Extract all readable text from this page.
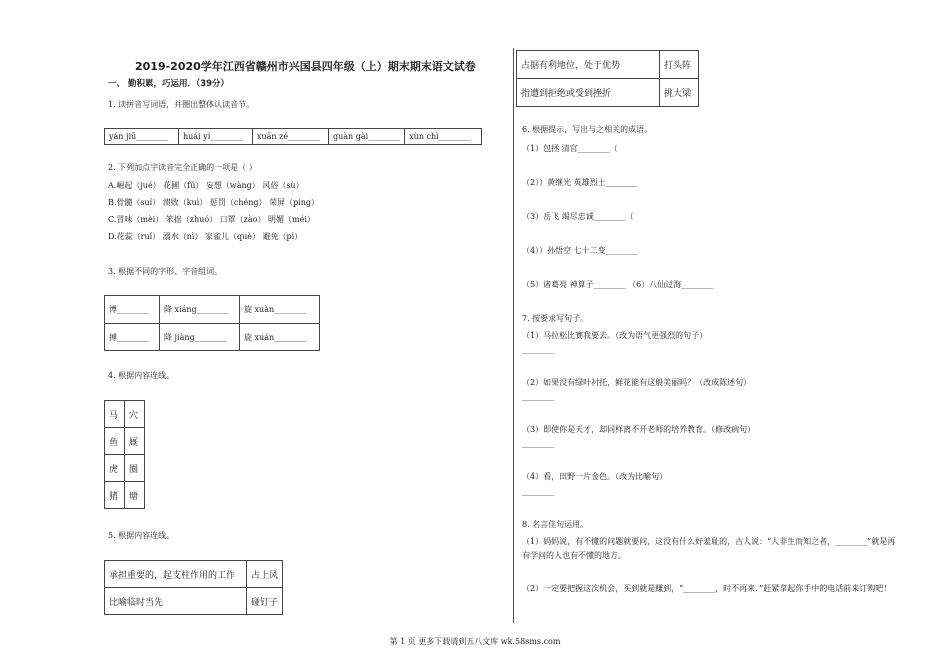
2019-2020学年江西省赣州市兴国县四年级（上）期末期末语文试卷
一、 勤积累，巧运用．（39分）
1. 读拼音写词语，并圈出整体认读音节。
yán jiū________	huái yí________	xuān zé________	guàn gài________	xùn chì________
2. 下列加点字读音完全正确的一项是（ ）
A.崛起（jué） 花圃（fǔ） 妄想（wàng） 风俗（sù）
B.骨髓（suí） 溃败（kuì） 惩罚（chéng） 荣屏（píng）
C.冒味（mèi） 笨拙（zhuó） 口罩（zào） 明媚（méi）
D.花蕊（ruǐ） 溺水（nì） 家雀儿（què） 避免（pì）
3. 根据不同的字形、字音组词。
博________	降 xiáng________	旋 xuàn________
搏________	降 jiàng________	旋 xuán________
4. 根据内容连线。
马	穴
鱼	厩
虎	圈
猪	塘
5. 根据内容连线。
承担重要的，起支柱作用的工作	占上风
比喻临时当先	碰钉子
占据有利地位，处于优势	打头阵
指遭到拒绝或受到挫折	挑大梁
6. 根据提示，写出与之相关的成语。
（1）包拯 清官________（
（2））黄继光 英雄烈士________
（3）岳飞 竭尽忠诚________（
（4））孙悟空 七十二变________
（5）诸葛亮 神算子________ （6）八仙过海________
7. 按要求写句子。
（1）马拉松比赛我要去。（改为语气更强烈的句子）
________
（2）如果没有绿叶衬托，鲜花能有这般美丽吗？（改成陈述句）
________
（3）即使你是天才，却同样离不开老师的培养教育。（修改病句）
________
（4）看，田野一片金色。（改为比喻句）
________
8. 名言佳句运用。
（1）妈妈说，有不懂的问题就要问，这没有什么好羞耻的，古人说：“人非生而知之者，________”就是再
有学问的人也有不懂的地方。
（2）一定要把握这次机会，买到就是赚到，“________，时不再来．”赶紧拿起你手中的电话前来订购吧！
第 1 页 更多下载请到五八文库 wk.58sms.com
